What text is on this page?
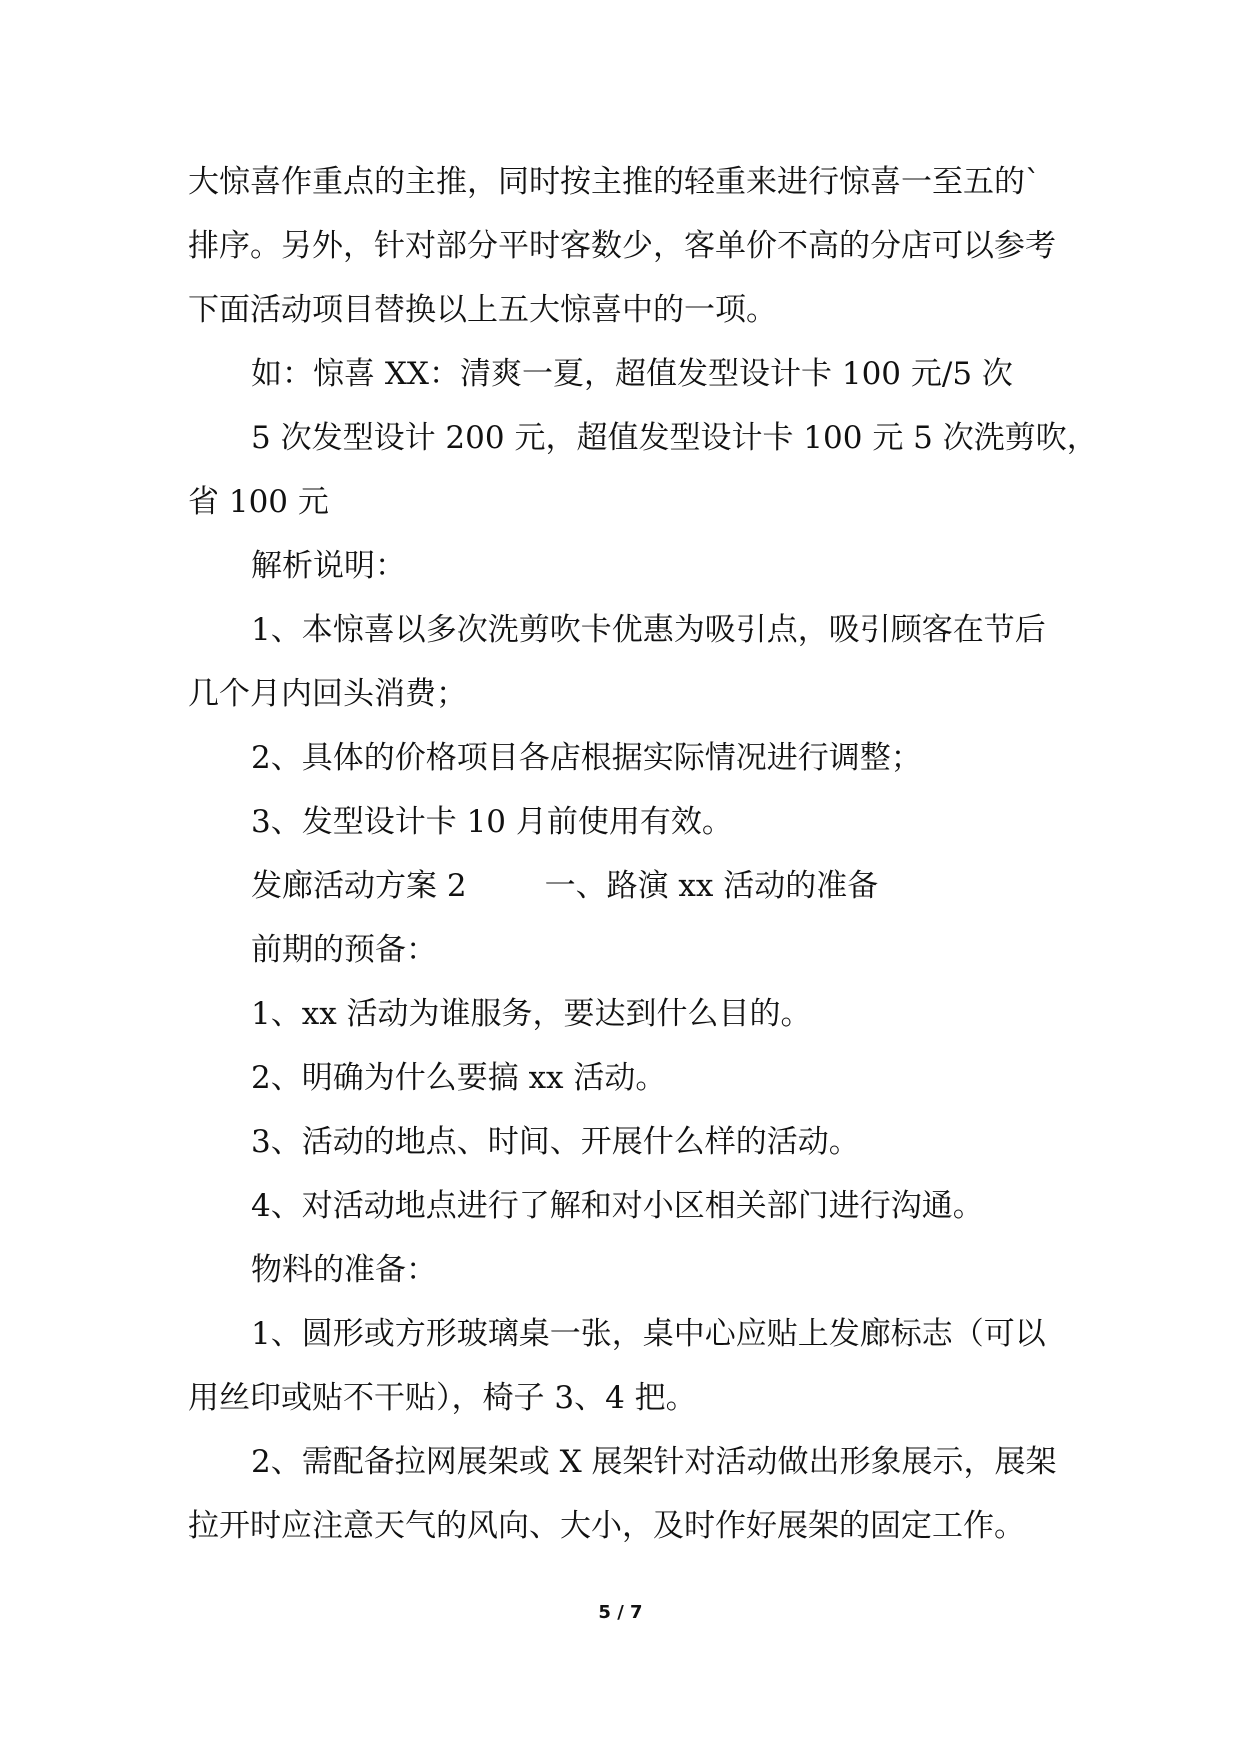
大惊喜作重点的主推，同时按主推的轻重来进行惊喜一至五的`
排序。另外，针对部分平时客数少，客单价不高的分店可以参考
下面活动项目替换以上五大惊喜中的一项。
如：惊喜 XX：清爽一夏，超值发型设计卡 100 元/5 次
5 次发型设计 200 元，超值发型设计卡 100 元 5 次洗剪吹，
省 100 元
解析说明：
1、本惊喜以多次洗剪吹卡优惠为吸引点，吸引顾客在节后
几个月内回头消费；
2、具体的价格项目各店根据实际情况进行调整；
3、发型设计卡 10 月前使用有效。
发廊活动方案 2	一、路演 xx 活动的准备
前期的预备：
1、xx 活动为谁服务，要达到什么目的。
2、明确为什么要搞 xx 活动。
3、活动的地点、时间、开展什么样的活动。
4、对活动地点进行了解和对小区相关部门进行沟通。
物料的准备：
1、圆形或方形玻璃桌一张，桌中心应贴上发廊标志（可以
用丝印或贴不干贴），椅子 3、4 把。
2、需配备拉网展架或 X 展架针对活动做出形象展示，展架
拉开时应注意天气的风向、大小，及时作好展架的固定工作。
5 / 7
